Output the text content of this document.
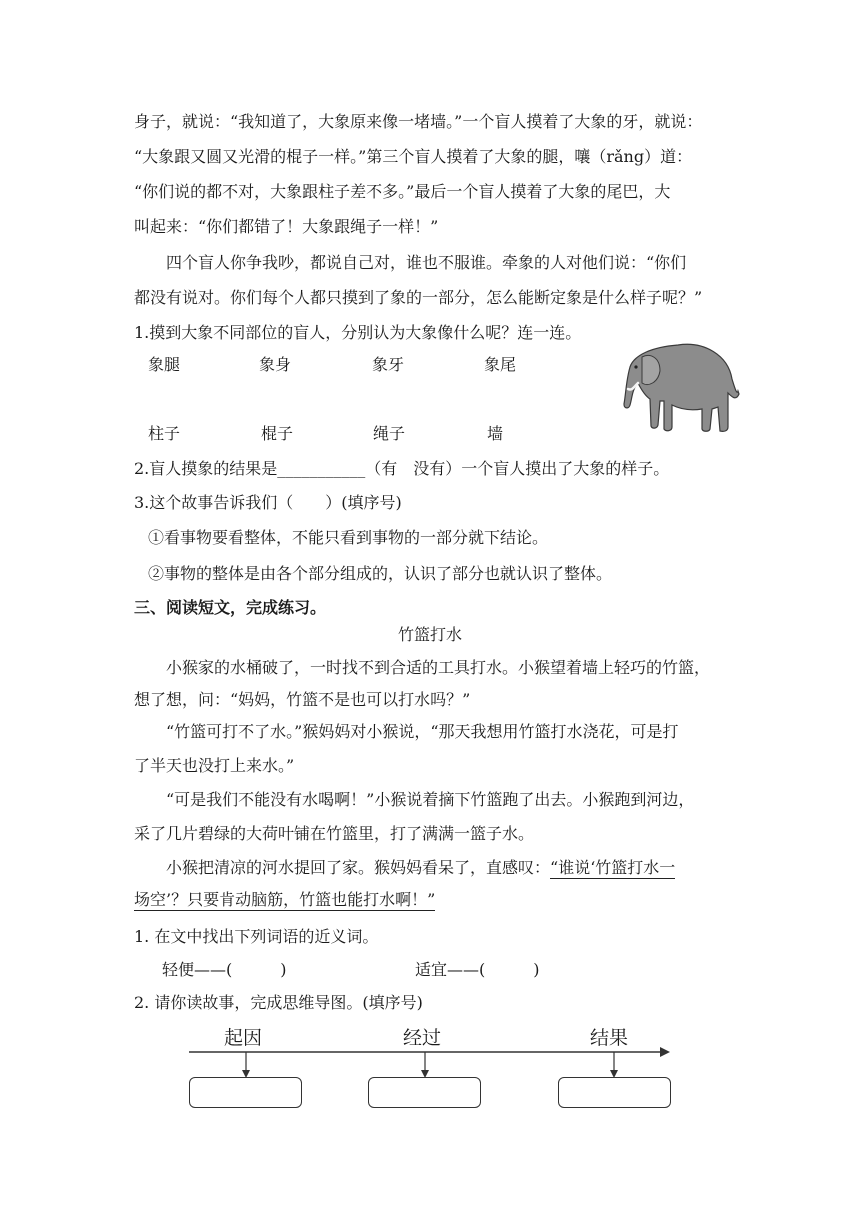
身子，就说：“我知道了，大象原来像一堵墙。”一个盲人摸着了大象的牙，就说：
“大象跟又圆又光滑的棍子一样。”第三个盲人摸着了大象的腿，嚷（rǎng）道：
“你们说的都不对，大象跟柱子差不多。”最后一个盲人摸着了大象的尾巴，大
叫起来：“你们都错了！大象跟绳子一样！”
四个盲人你争我吵，都说自己对，谁也不服谁。牵象的人对他们说：“你们
都没有说对。你们每个人都只摸到了象的一部分，怎么能断定象是什么样子呢？”
1.摸到大象不同部位的盲人，分别认为大象像什么呢？连一连。
象腿	象身	象牙	象尾
柱子	棍子	绳子	墙
2.盲人摸象的结果是___________（有　没有）一个盲人摸出了大象的样子。
3.这个故事告诉我们（　　）(填序号)
①看事物要看整体，不能只看到事物的一部分就下结论。
②事物的整体是由各个部分组成的，认识了部分也就认识了整体。
三、阅读短文，完成练习。
竹篮打水
小猴家的水桶破了，一时找不到合适的工具打水。小猴望着墙上轻巧的竹篮，
想了想，问：“妈妈，竹篮不是也可以打水吗？”
“竹篮可打不了水。”猴妈妈对小猴说，“那天我想用竹篮打水浇花，可是打
了半天也没打上来水。”
“可是我们不能没有水喝啊！”小猴说着摘下竹篮跑了出去。小猴跑到河边，
采了几片碧绿的大荷叶铺在竹篮里，打了满满一篮子水。
小猴把清凉的河水提回了家。猴妈妈看呆了，直感叹：“谁说‘竹篮打水一
场空’？只要肯动脑筋，竹篮也能打水啊！”
1. 在文中找出下列词语的近义词。
轻便——(　　　)	适宜——(　　　)
2. 请你读故事，完成思维导图。(填序号)
起因	经过	结果
